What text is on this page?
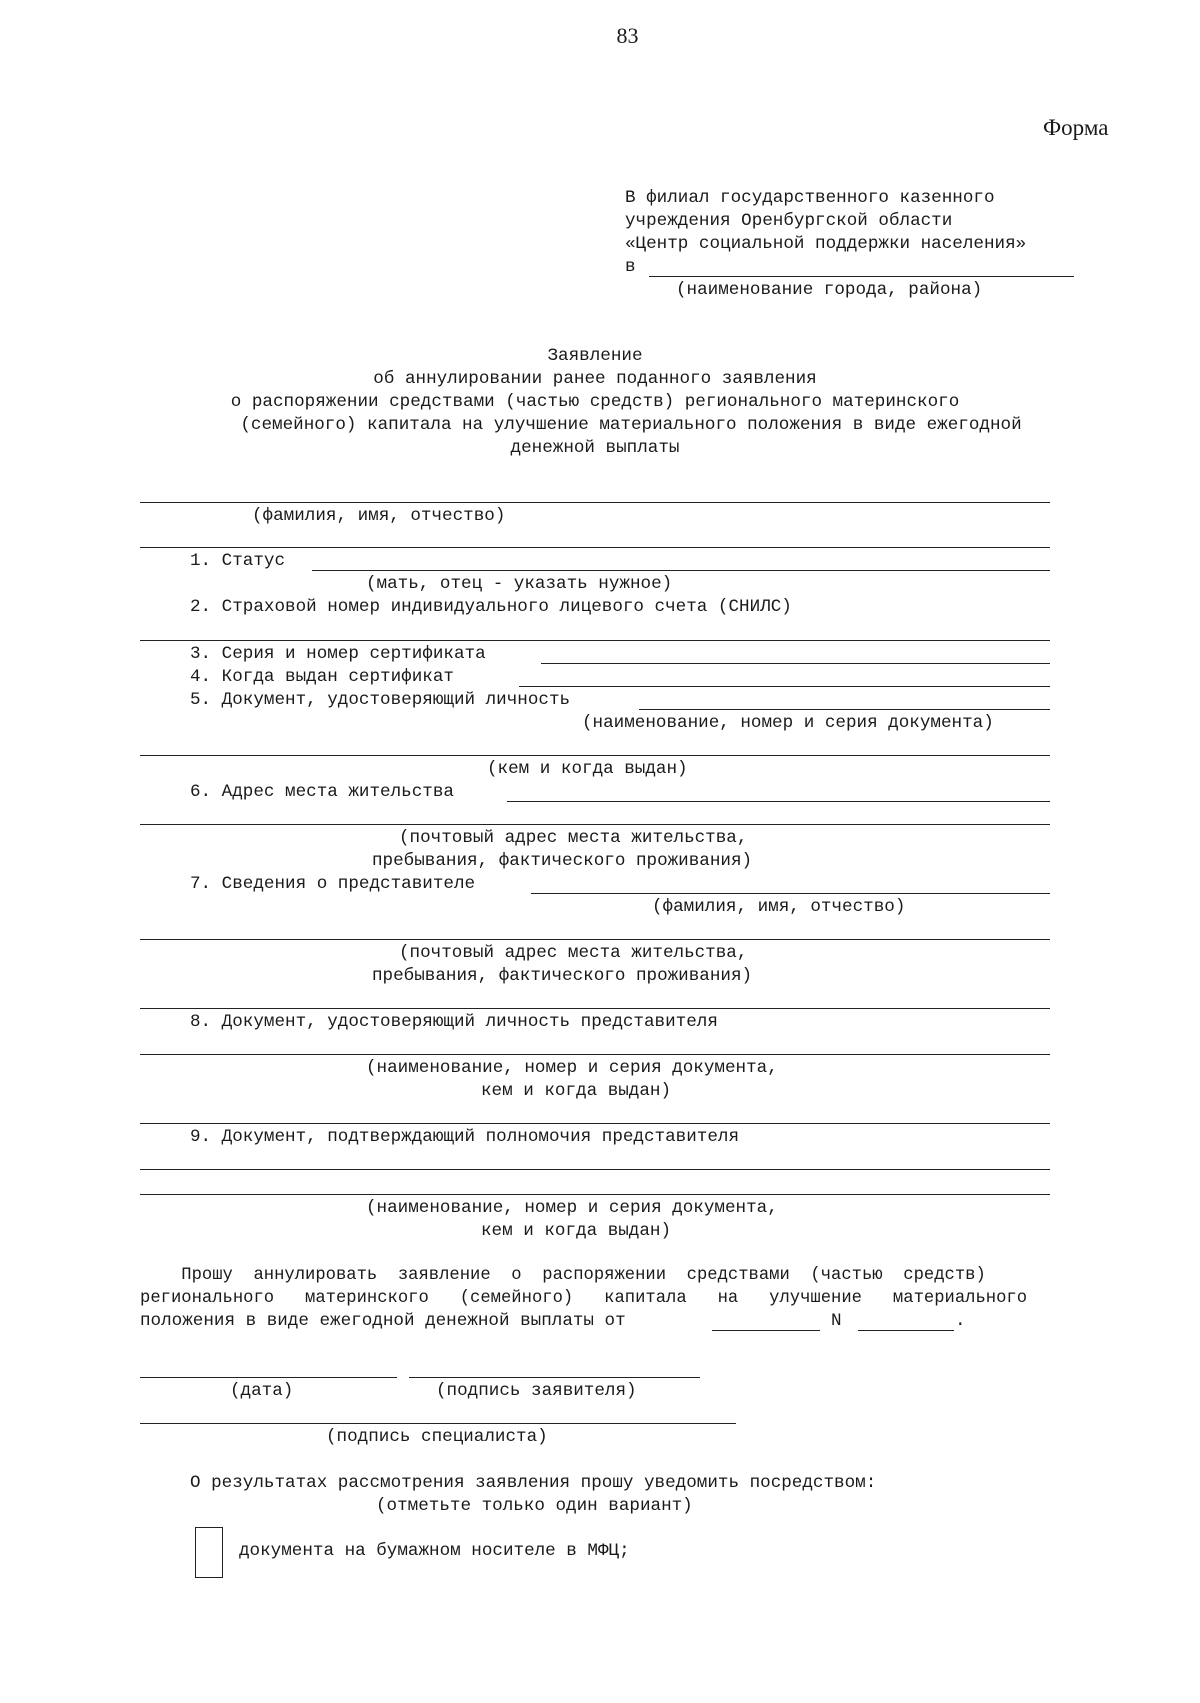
83
Форма
В филиал государственного казенного
учреждения Оренбургской области
«Центр социальной поддержки населения»
в
(наименование города, района)
Заявление
об аннулировании ранее поданного заявления
о распоряжении средствами (частью средств) регионального материнского
(семейного) капитала на улучшение материального положения в виде ежегодной
денежной выплаты
(фамилия, имя, отчество)
1. Статус
(мать, отец - указать нужное)
2. Страховой номер индивидуального лицевого счета (СНИЛС)
3. Серия и номер сертификата
4. Когда выдан сертификат
5. Документ, удостоверяющий личность
(наименование, номер и серия документа)
(кем и когда выдан)
6. Адрес места жительства
(почтовый адрес места жительства,
пребывания, фактического проживания)
7. Сведения о представителе
(фамилия, имя, отчество)
(почтовый адрес места жительства,
пребывания, фактического проживания)
8. Документ, удостоверяющий личность представителя
(наименование, номер и серия документа,
кем и когда выдан)
9. Документ, подтверждающий полномочия представителя
(наименование, номер и серия документа,
кем и когда выдан)
Прошу  аннулировать  заявление  о  распоряжении  средствами  (частью  средств)
регионального   материнского   (семейного)   капитала   на   улучшение   материального
положения в виде ежегодной денежной выплаты от	N	.
(дата)	(подпись заявителя)
(подпись специалиста)
О результатах рассмотрения заявления прошу уведомить посредством:
(отметьте только один вариант)
документа на бумажном носителе в МФЦ;
